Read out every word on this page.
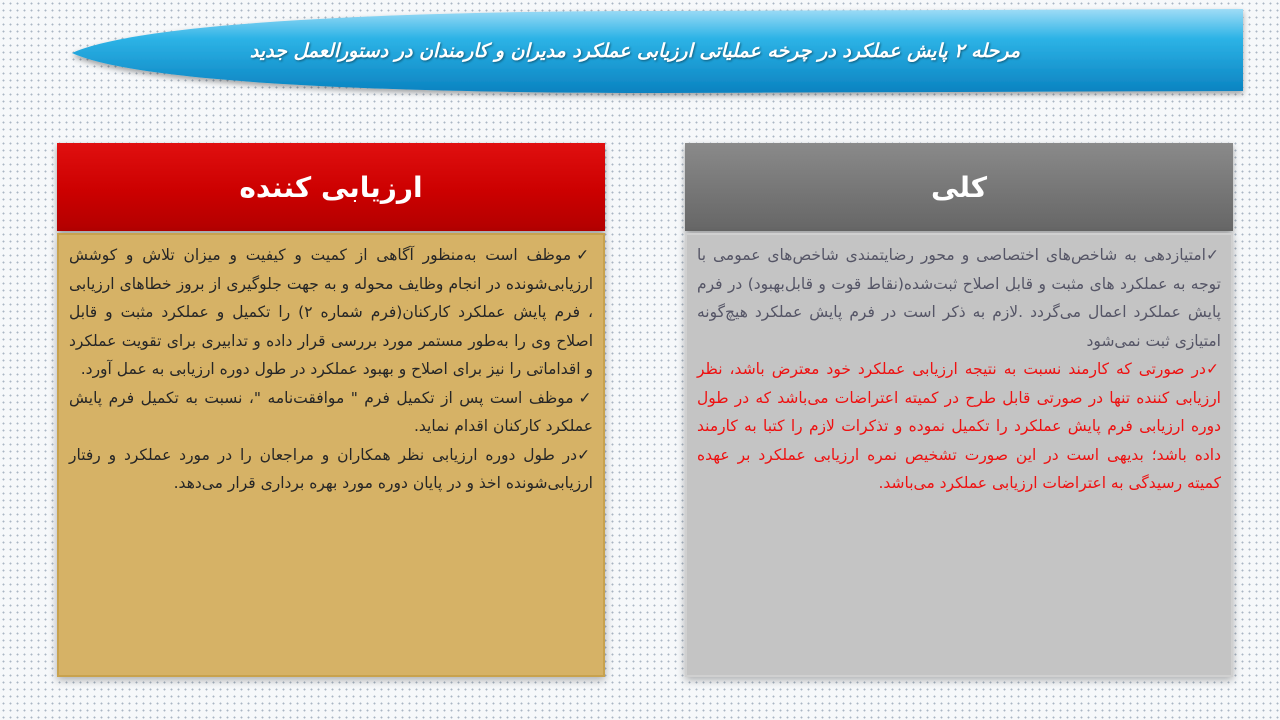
مرحله ۲ پایش عملکرد در چرخه عملیاتی ارزیابی عملکرد مدیران و کارمندان در دستورالعمل جدید
ارزیابی کننده

✓ موظف است به‌منظور آگاهی از کمیت و کیفیت و میزان تلاش و کوشش ارزیابی‌شونده در انجام وظایف محوله و به جهت جلوگیری از بروز خطاهای ارزیابی ، فرم پایش عملکرد کارکنان(فرم شماره ۲) را تکمیل و عملکرد مثبت و قابل اصلاح وی را به‌طور مستمر مورد بررسی قرار داده و تدابیری برای تقویت عملکرد و اقداماتی را نیز برای اصلاح و بهبود عملکرد در طول دوره ارزیابی به عمل آورد.

✓ موظف است پس از تکمیل فرم " موافقت‌نامه "، نسبت به تکمیل فرم پایش عملکرد کارکنان اقدام نماید.

✓در طول دوره ارزیابی نظر همکاران و مراجعان را در مورد عملکرد و رفتار ارزیابی‌شونده اخذ و در پایان دوره مورد بهره برداری قرار می‌دهد.

کلی

✓امتیازدهی به شاخص‌های اختصاصی و محور رضایتمندی شاخص‌های عمومی با توجه به عملکرد های مثبت و قابل اصلاح ثبت‌شده(نقاط قوت و قابل‌بهبود) در فرم پایش عملکرد اعمال می‌گردد .لازم به ذکر است در فرم پایش عملکرد هیچ‌گونه امتیازی ثبت نمی‌شود

✓در صورتی که کارمند نسبت به نتیجه ارزیابی عملکرد خود معترض باشد، نظر ارزیابی کننده تنها در صورتی قابل طرح در کمیته اعتراضات می‌باشد که در طول دوره ارزیابی فرم پایش عملکرد را تکمیل نموده و تذکرات لازم را کتبا به کارمند داده باشد؛ بدیهی است در این صورت تشخیص نمره ارزیابی عملکرد بر عهده کمیته رسیدگی به اعتراضات ارزیابی عملکرد می‌باشد.
